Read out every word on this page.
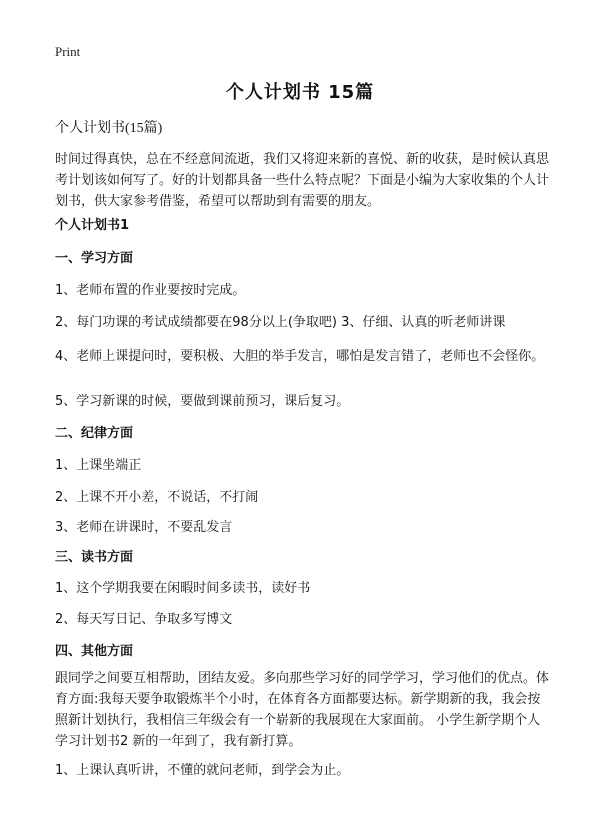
Print
个人计划书 15篇
个人计划书(15篇)
时间过得真快，总在不经意间流逝，我们又将迎来新的喜悦、新的收获，是时候认真思考计划该如何写了。好的计划都具备一些什么特点呢？下面是小编为大家收集的个人计划书，供大家参考借鉴，希望可以帮助到有需要的朋友。
个人计划书1
一、学习方面
1、老师布置的作业要按时完成。
2、每门功课的考试成绩都要在98分以上(争取吧) 3、仔细、认真的听老师讲课
4、老师上课提问时，要积极、大胆的举手发言，哪怕是发言错了，老师也不会怪你。
5、学习新课的时候，要做到课前预习，课后复习。
二、纪律方面
1、上课坐端正
2、上课不开小差，不说话，不打闹
3、老师在讲课时，不要乱发言
三、读书方面
1、这个学期我要在闲暇时间多读书，读好书
2、每天写日记、争取多写博文
四、其他方面
跟同学之间要互相帮助，团结友爱。多向那些学习好的同学学习，学习他们的优点。体育方面:我每天要争取锻炼半个小时，在体育各方面都要达标。新学期新的我，我会按照新计划执行，我相信三年级会有一个崭新的我展现在大家面前。 小学生新学期个人学习计划书2 新的一年到了，我有新打算。
1、上课认真听讲，不懂的就问老师，到学会为止。
